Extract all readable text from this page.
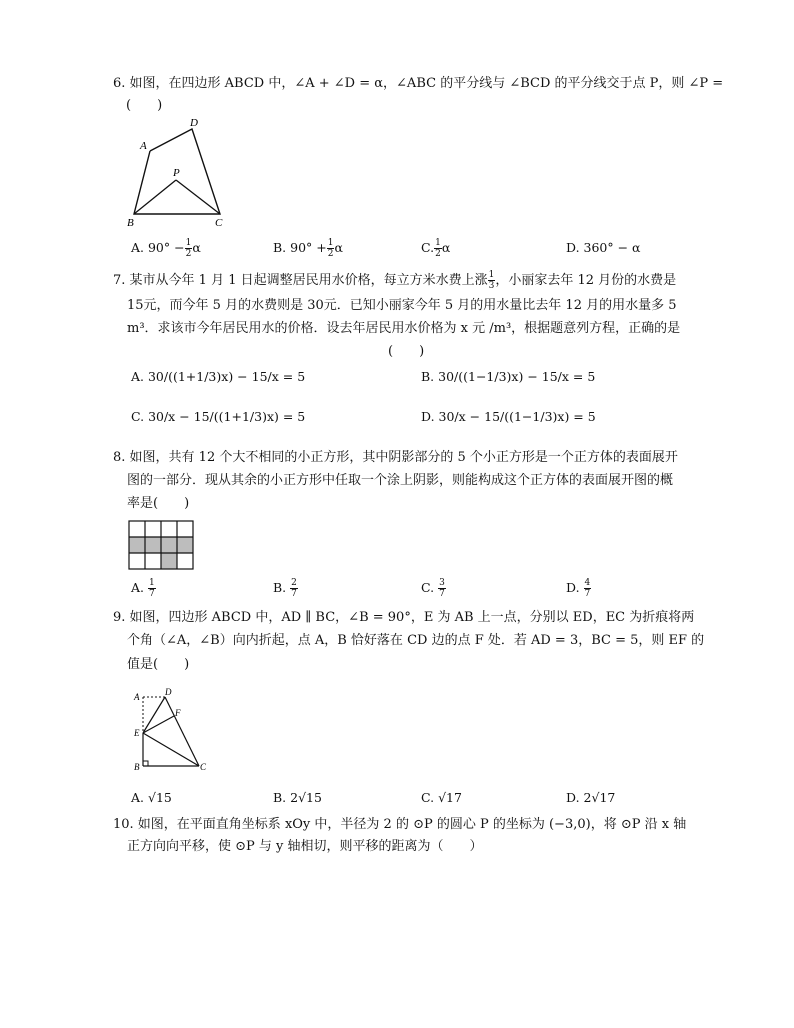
6. 如图，在四边形 ABCD 中，∠A + ∠D = α，∠ABC 的平分线与 ∠BCD 的平分线交于点 P，则 ∠P =
(　　)
A
D
P
B	C
A. $90^\circ - \frac{1}{2}$ α	B. $90^\circ + \frac{1}{2}$ α	C. $\frac{1}{2}$ α	D. 360° − α
7. 某市从今年 1 月 1 日起调整居民用水价格，每立方米水费上涨 $\frac{1}{3}$ ，小丽家去年 12 月份的水费是
15元，而今年 5 月的水费则是 30元．已知小丽家今年 5 月的用水量比去年 12 月的用水量多 5
m³．求该市今年居民用水的价格．设去年居民用水价格为 x 元 /m³，根据题意列方程，正确的是
(　　)
A. 30/((1+1/3)x) − 15/x = 5	B. 30/((1−1/3)x) − 15/x = 5
C. 30/x − 15/((1+1/3)x) = 5	D. 30/x − 15/((1−1/3)x) = 5
8. 如图，共有 12 个大不相同的小正方形，其中阴影部分的 5 个小正方形是一个正方体的表面展开
图的一部分．现从其余的小正方形中任取一个涂上阴影，则能构成这个正方体的表面展开图的概
率是(　　)
A. $\frac{1}{7}$	B. $\frac{2}{7}$	C. $\frac{3}{7}$	D. $\frac{4}{7}$
9. 如图，四边形 ABCD 中，AD ∥ BC，∠B = 90°，E 为 AB 上一点，分别以 ED，EC 为折痕将两
个角（∠A，∠B）向内折起，点 A，B 恰好落在 CD 边的点 F 处．若 AD = 3，BC = 5，则 EF 的
值是(　　)
A	D
F
E
B	C
A. √15	B. 2√15	C. √17	D. 2√17
10. 如图，在平面直角坐标系 xOy 中，半径为 2 的 ⊙P 的圆心 P 的坐标为 (−3,0)，将 ⊙P 沿 x 轴
正方向向平移，使 ⊙P 与 y 轴相切，则平移的距离为（　　）
